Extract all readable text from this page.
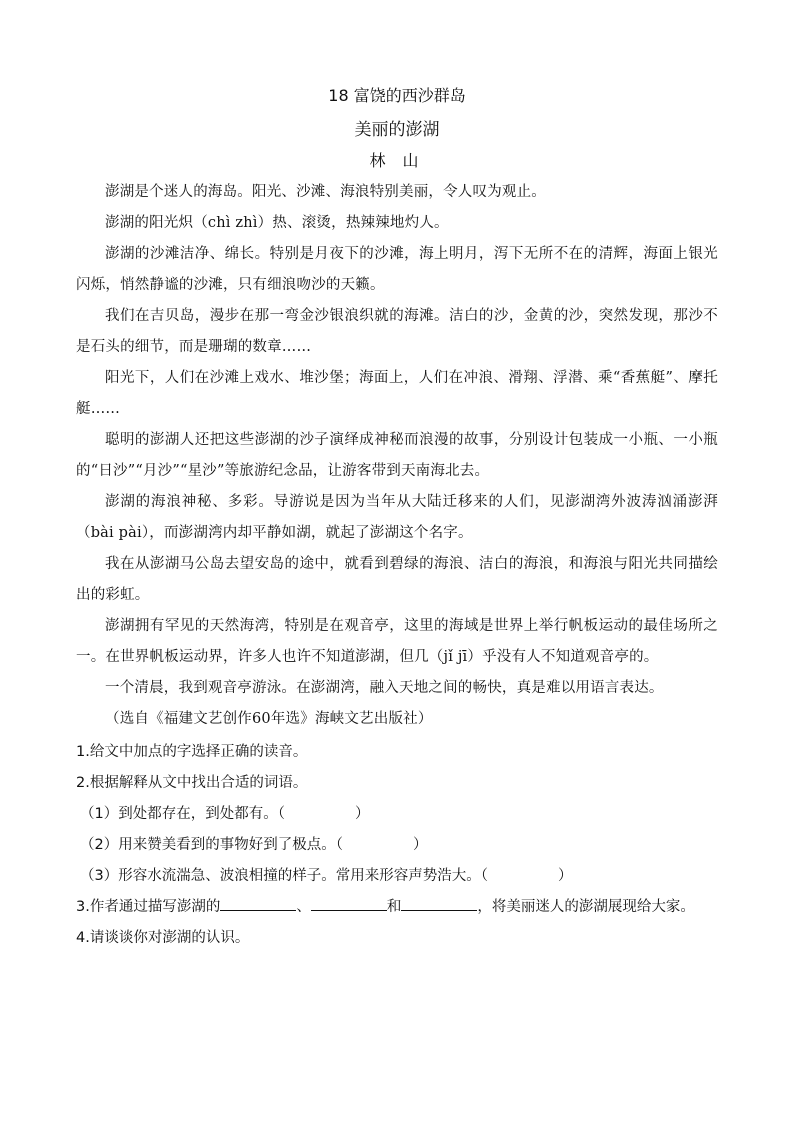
18 富饶的西沙群岛

美丽的澎湖

林 山

澎湖是个迷人的海岛。阳光、沙滩、海浪特别美丽，令人叹为观止。

澎湖的阳光炽（chì zhì）热、滚烫，热辣辣地灼人。

澎湖的沙滩洁净、绵长。特别是月夜下的沙滩，海上明月，泻下无所不在的清辉，海面上银光闪烁，悄然静谧的沙滩，只有细浪吻沙的天籁。

我们在吉贝岛，漫步在那一弯金沙银浪织就的海滩。洁白的沙，金黄的沙，突然发现，那沙不是石头的细节，而是珊瑚的数章……

阳光下，人们在沙滩上戏水、堆沙堡；海面上，人们在冲浪、滑翔、浮潜、乘“香蕉艇”、摩托艇……

聪明的澎湖人还把这些澎湖的沙子演绎成神秘而浪漫的故事，分别设计包装成一小瓶、一小瓶的“日沙”“月沙”“星沙”等旅游纪念品，让游客带到天南海北去。

澎湖的海浪神秘、多彩。导游说是因为当年从大陆迁移来的人们，见澎湖湾外波涛汹涌澎湃（bài pài），而澎湖湾内却平静如湖，就起了澎湖这个名字。

我在从澎湖马公岛去望安岛的途中，就看到碧绿的海浪、洁白的海浪，和海浪与阳光共同描绘出的彩虹。

澎湖拥有罕见的天然海湾，特别是在观音亭，这里的海域是世界上举行帆板运动的最佳场所之一。在世界帆板运动界，许多人也许不知道澎湖，但几（jǐ jī）乎没有人不知道观音亭的。

一个清晨，我到观音亭游泳。在澎湖湾，融入天地之间的畅快，真是难以用语言表达。

（选自《福建文艺创作60年选》海峡文艺出版社）

1.给文中加点的字选择正确的读音。

2.根据解释从文中找出合适的词语。

（1）到处都存在，到处都有。（	）

（2）用来赞美看到的事物好到了极点。（	）

（3）形容水流湍急、波浪相撞的样子。常用来形容声势浩大。（	）

3.作者通过描写澎湖的	、	和	，将美丽迷人的澎湖展现给大家。

4.请谈谈你对澎湖的认识。
